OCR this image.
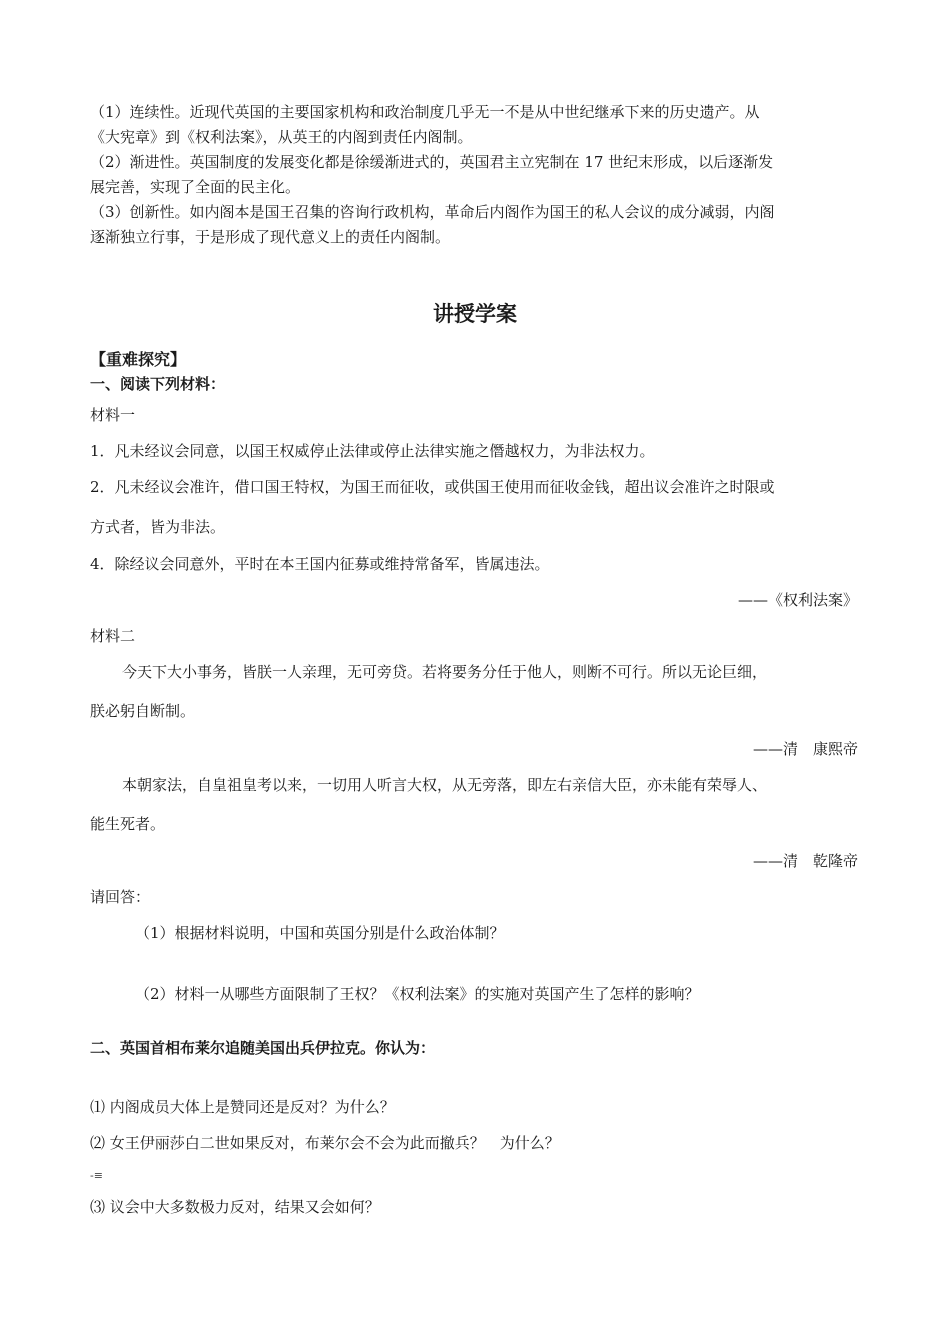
（1）连续性。近现代英国的主要国家机构和政治制度几乎无一不是从中世纪继承下来的历史遗产。从
《大宪章》到《权利法案》，从英王的内阁到责任内阁制。
（2）渐进性。英国制度的发展变化都是徐缓渐进式的，英国君主立宪制在 17 世纪末形成，以后逐渐发
展完善，实现了全面的民主化。
（3）创新性。如内阁本是国王召集的咨询行政机构，革命后内阁作为国王的私人会议的成分减弱，内阁
逐渐独立行事，于是形成了现代意义上的责任内阁制。
讲授学案
【重难探究】
一、阅读下列材料：
材料一
1．凡未经议会同意，以国王权威停止法律或停止法律实施之僭越权力，为非法权力。
2．凡未经议会准许，借口国王特权，为国王而征收，或供国王使用而征收金钱，超出议会准许之时限或
方式者，皆为非法。
4．除经议会同意外，平时在本王国内征募或维持常备军，皆属违法。
——《权利法案》
材料二
今天下大小事务，皆朕一人亲理，无可旁贷。若将要务分任于他人，则断不可行。所以无论巨细，
朕必躬自断制。
——清　康熙帝
本朝家法，自皇祖皇考以来，一切用人听言大权，从无旁落，即左右亲信大臣，亦未能有荣辱人、
能生死者。
——清　乾隆帝
请回答：
（1）根据材料说明，中国和英国分别是什么政治体制？
（2）材料一从哪些方面限制了王权？《权利法案》的实施对英国产生了怎样的影响？
二、英国首相布莱尔追随美国出兵伊拉克。你认为：
⑴ 内阁成员大体上是赞同还是反对？为什么？
⑵ 女王伊丽莎白二世如果反对，布莱尔会不会为此而撤兵？　为什么？
-≡
⑶ 议会中大多数极力反对，结果又会如何？
